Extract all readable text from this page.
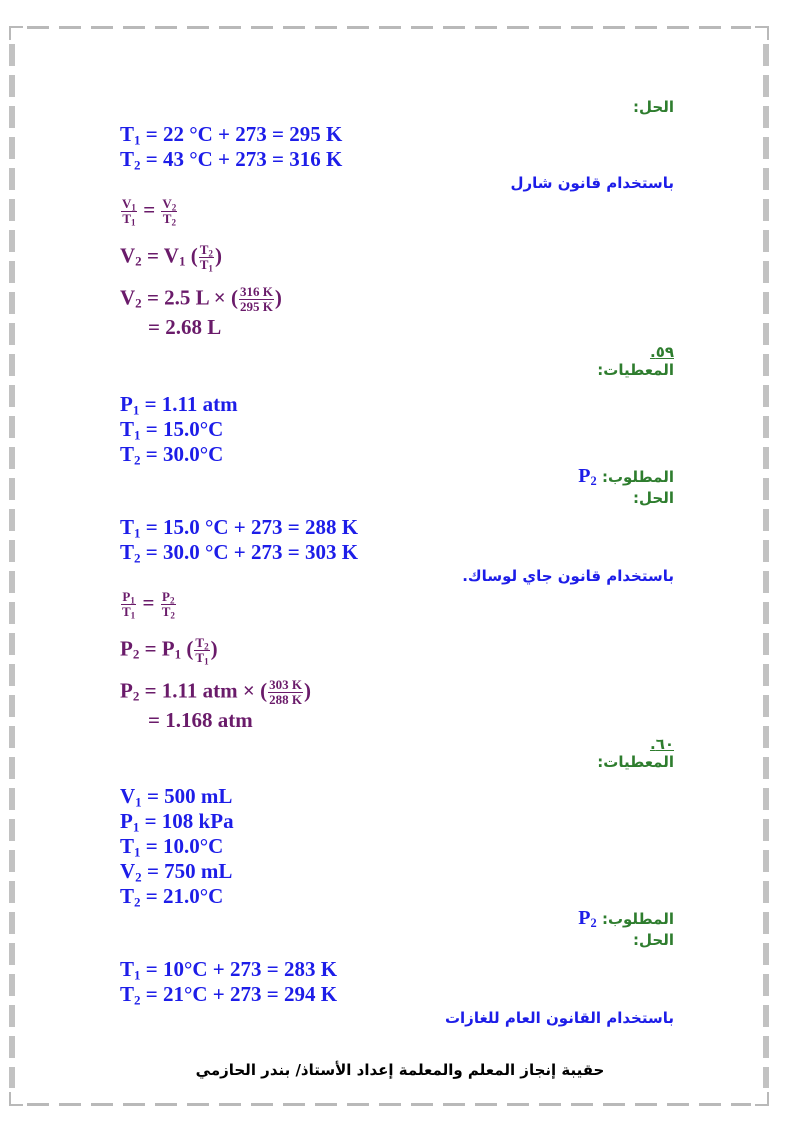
الحل:
$T_1 = 22$ °C + 273 = 295 K
$T_2 = 43$ °C + 273 = 316 K
باستخدام قانون شارل
$\frac{V_1}{T_1} = \frac{V_2}{T_2}$
$V_2 = V_1$ ( $\frac{T_2}{T_1}$ )
$V_2 = 2.5$ L × ( $\frac{316 K}{295 K}$ )
= 2.68 L
٥٩.
المعطيات:
$P_1 = 1.11$ atm
$T_1 = 15.0^\circ C$
$T_2 = 30.0^\circ C$
المطلوب: $P_2$
الحل:
$T_1 = 15.0$ °C + 273 = 288 K
$T_2 = 30.0$ °C + 273 = 303 K
باستخدام قانون جاي لوساك.
$\frac{P_1}{T_1} = \frac{P_2}{T_2}$
$P_2 = P_1$ ( $\frac{T_2}{T_1}$ )
$P_2 = 1.11$ atm × ( $\frac{303 K}{288 K}$ )
= 1.168 atm
٦٠.
المعطيات:
$V_1 = 500$ mL
$P_1 = 108$ kPa
$T_1 = 10.0^\circ C$
$V_2 = 750$ mL
$T_2 = 21.0^\circ C$
المطلوب: $P_2$
الحل:
$T_1 = 10^\circ C + 273 = 283$ K
$T_2 = 21^\circ C + 273 = 294$ K
باستخدام القانون العام للغازات
حقيبة إنجاز المعلم والمعلمة إعداد الأستاذ/ بندر الحازمي
